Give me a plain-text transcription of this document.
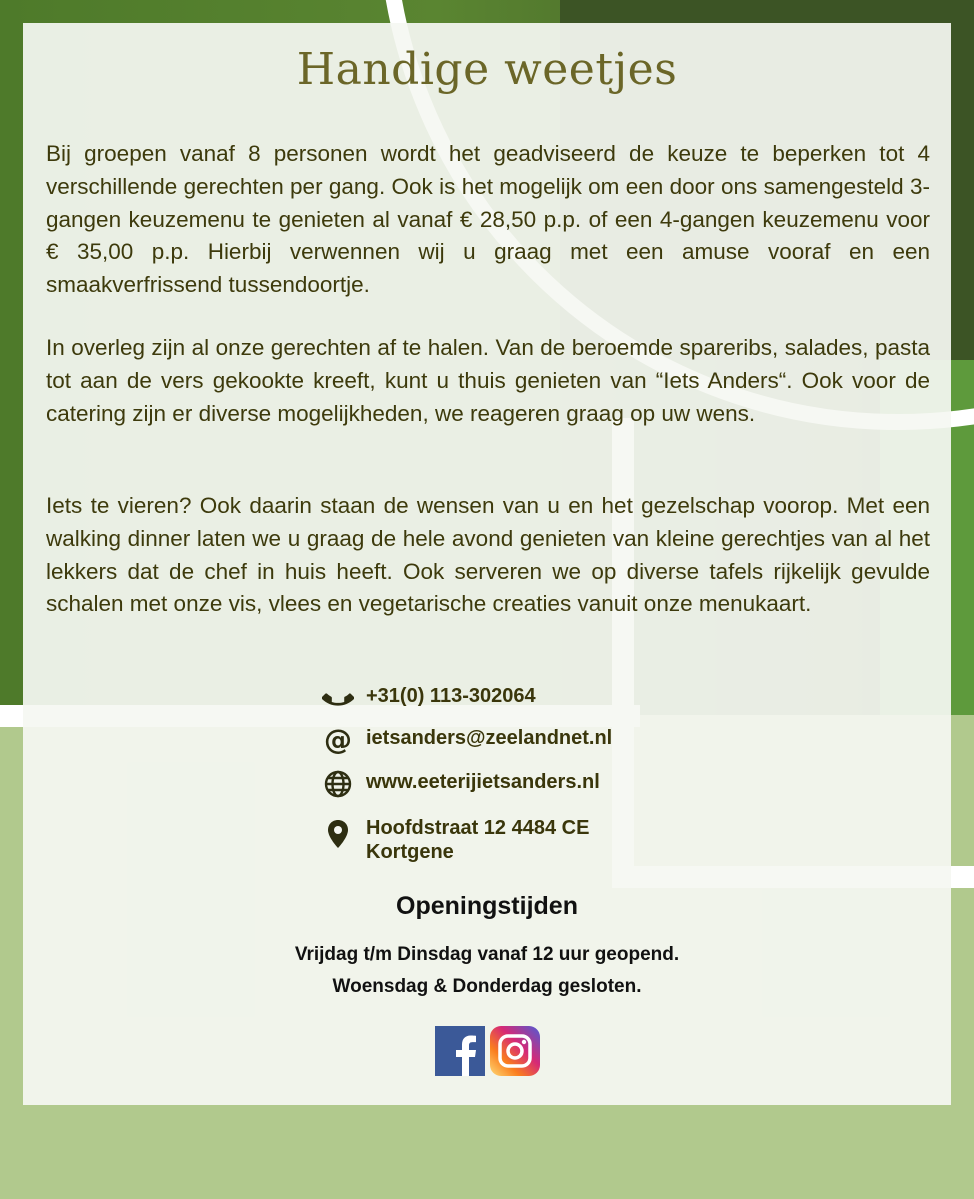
Handige weetjes

Bij groepen vanaf 8 personen wordt het geadviseerd de keuze te beperken tot 4 verschillende gerechten per gang. Ook is het mogelijk om een door ons samengesteld 3-gangen keuzemenu te genieten al vanaf € 28,50 p.p. of een 4-gangen keuzemenu voor € 35,00 p.p. Hierbij verwennen wij u graag met een amuse vooraf en een smaakverfrissend tussendoortje.

In overleg zijn al onze gerechten af te halen. Van de beroemde spareribs, salades, pasta tot aan de vers gekookte kreeft, kunt u thuis genieten van “Iets Anders“. Ook voor de catering zijn er diverse mogelijkheden, we reageren graag op uw wens.

Iets te vieren? Ook daarin staan de wensen van u en het gezelschap voorop. Met een walking dinner laten we u graag de hele avond genieten van kleine gerechtjes van al het lekkers dat de chef in huis heeft. Ook serveren we op diverse tafels rijkelijk gevulde schalen met onze vis, vlees en vegetarische creaties vanuit onze menukaart.

+31(0) 113-302064
@ ietsanders@zeelandnet.nl
www.eeterijietsanders.nl
Hoofdstraat 12 4484 CE
Kortgene
Openingstijden
Vrijdag t/m Dinsdag vanaf 12 uur geopend.
Woensdag & Donderdag gesloten.
